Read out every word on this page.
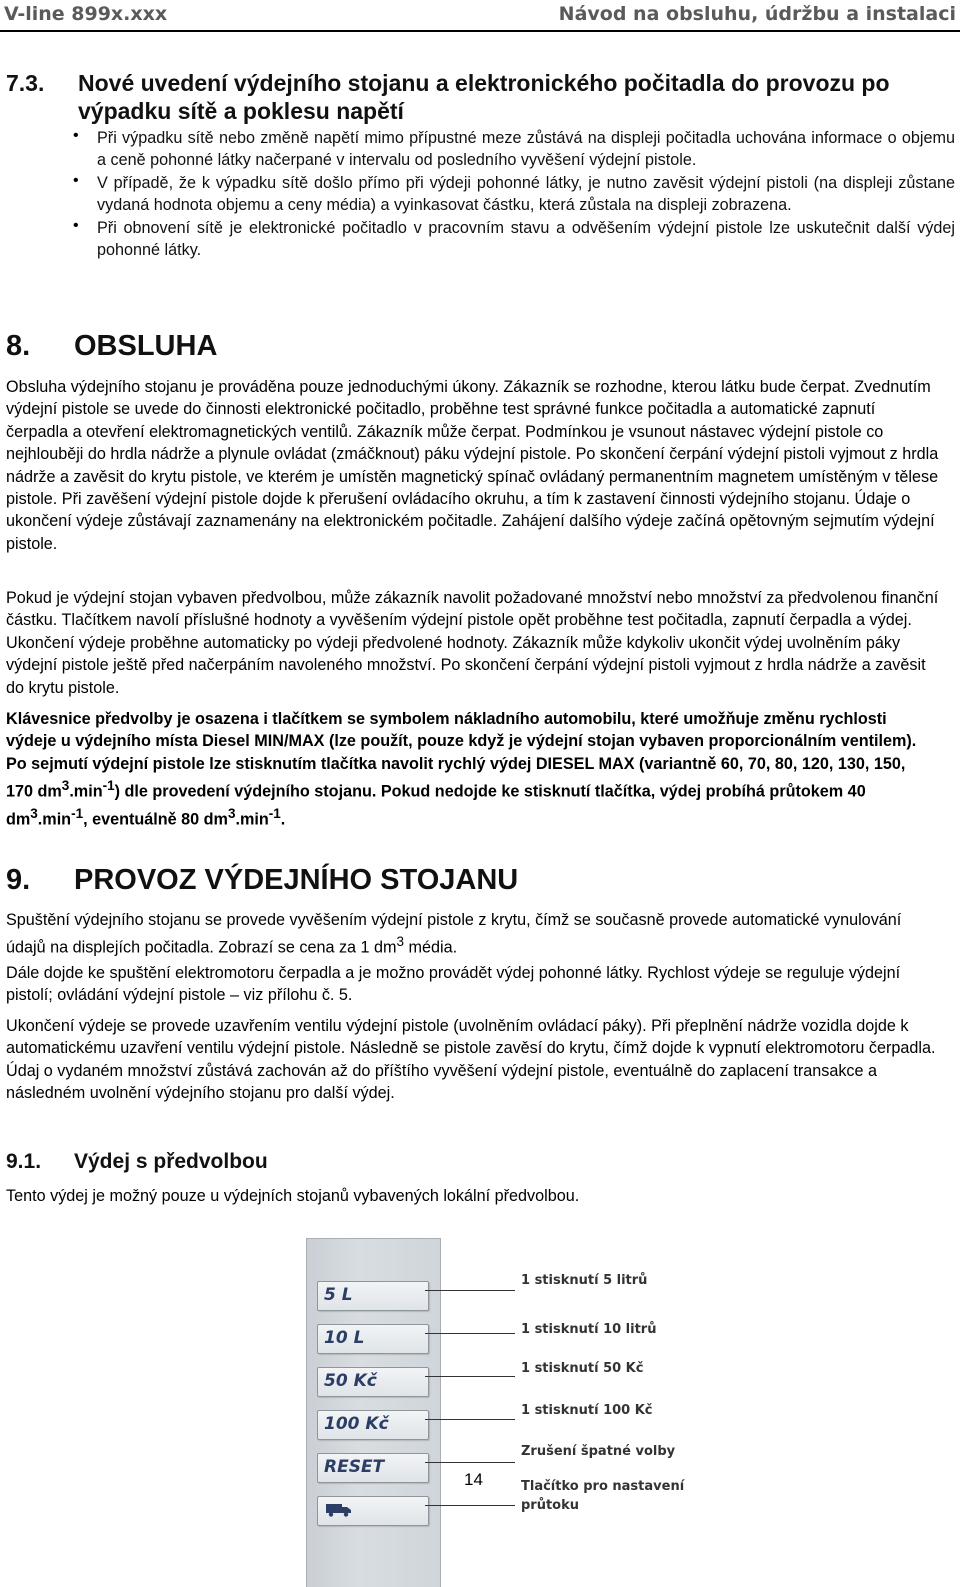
V-line 899x.xxx	Návod na obsluhu, údržbu a instalaci
7.3. Nové uvedení výdejního stojanu a elektronického počitadla do provozu po
výpadku sítě a poklesu napětí
• Při výpadku sítě nebo změně napětí mimo přípustné meze zůstává na displeji počitadla uchována informace o objemu a ceně pohonné látky načerpané v intervalu od posledního vyvěšení výdejní pistole.
• V případě, že k výpadku sítě došlo přímo při výdeji pohonné látky, je nutno zavěsit výdejní pistoli (na displeji zůstane vydaná hodnota objemu a ceny média) a vyinkasovat částku, která zůstala na displeji zobrazena.
• Při obnovení sítě je elektronické počitadlo v pracovním stavu a odvěšením výdejní pistole lze uskutečnit další výdej pohonné látky.
8. OBSLUHA

Obsluha výdejního stojanu je prováděna pouze jednoduchými úkony. Zákazník se rozhodne, kterou látku bude čerpat. Zvednutím výdejní pistole se uvede do činnosti elektronické počitadlo, proběhne test správné funkce počitadla a automatické zapnutí čerpadla a otevření elektromagnetických ventilů. Zákazník může čerpat. Podmínkou je vsunout nástavec výdejní pistole co nejhlouběji do hrdla nádrže a plynule ovládat (zmáčknout) páku výdejní pistole. Po skončení čerpání výdejní pistoli vyjmout z hrdla nádrže a zavěsit do krytu pistole, ve kterém je umístěn magnetický spínač ovládaný permanentním magnetem umístěným v tělese pistole. Při zavěšení výdejní pistole dojde k přerušení ovládacího okruhu, a tím k zastavení činnosti výdejního stojanu. Údaje o ukončení výdeje zůstávají zaznamenány na elektronickém počitadle. Zahájení dalšího výdeje začíná opětovným sejmutím výdejní pistole.

Pokud je výdejní stojan vybaven předvolbou, může zákazník navolit požadované množství nebo množství za předvolenou finanční částku. Tlačítkem navolí příslušné hodnoty a vyvěšením výdejní pistole opět proběhne test počitadla, zapnutí čerpadla a výdej. Ukončení výdeje proběhne automaticky po výdeji předvolené hodnoty. Zákazník může kdykoliv ukončit výdej uvolněním páky výdejní pistole ještě před načerpáním navoleného množství. Po skončení čerpání výdejní pistoli vyjmout z hrdla nádrže a zavěsit do krytu pistole.

Klávesnice předvolby je osazena i tlačítkem se symbolem nákladního automobilu, které umožňuje změnu rychlosti výdeje u výdejního místa Diesel MIN/MAX (lze použít, pouze když je výdejní stojan vybaven proporcionálním ventilem). Po sejmutí výdejní pistole lze stisknutím tlačítka navolit rychlý výdej DIESEL MAX (variantně 60, 70, 80, 120, 130, 150, 170 $dm^3.\min^{-1}$) dle provedení výdejního stojanu. Pokud nedojde ke stisknutí tlačítka, výdej probíhá průtokem 40 $dm^3.\min^{-1}$, eventuálně 80 $dm^3.\min^{-1}$.

9. PROVOZ VÝDEJNÍHO STOJANU

Spuštění výdejního stojanu se provede vyvěšením výdejní pistole z krytu, čímž se současně provede automatické vynulování údajů na displejích počitadla. Zobrazí se cena za 1 $dm^3$ média.

Dále dojde ke spuštění elektromotoru čerpadla a je možno provádět výdej pohonné látky. Rychlost výdeje se reguluje výdejní pistolí; ovládání výdejní pistole – viz přílohu č. 5.

Ukončení výdeje se provede uzavřením ventilu výdejní pistole (uvolněním ovládací páky). Při přeplnění nádrže vozidla dojde k automatickému uzavření ventilu výdejní pistole. Následně se pistole zavěsí do krytu, čímž dojde k vypnutí elektromotoru čerpadla. Údaj o vydaném množství zůstává zachován až do příštího vyvěšení výdejní pistole, eventuálně do zaplacení transakce a následném uvolnění výdejního stojanu pro další výdej.

9.1. Výdej s předvolbou

Tento výdej je možný pouze u výdejních stojanů vybavených lokální předvolbou.

5 L
10 L
50 Kč
100 Kč
RESET
1 stisknutí 5 litrů
1 stisknutí 10 litrů
1 stisknutí 50 Kč
1 stisknutí 100 Kč
Zrušení špatné volby
Tlačítko pro nastavení
průtoku
14
